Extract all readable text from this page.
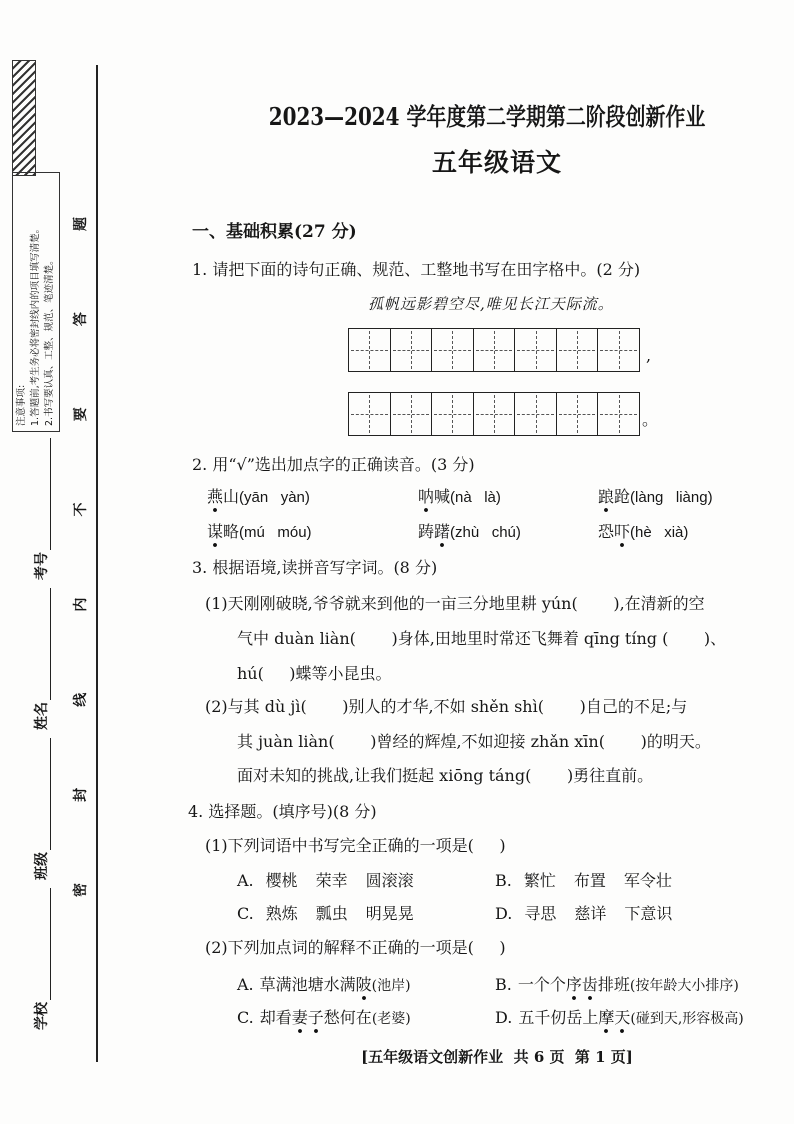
注意事项: 1.答题前,考生务必将密封线内的项目填写清楚。 2.书写要认真、工整、规范、笔迹清楚。
学校
班级
姓名
考号
密
封
线
内
不
要
答
题
2023—2024 学年度第二学期第二阶段创新作业
五年级语文
一、基础积累(27 分)
1. 请把下面的诗句正确、规范、工整地书写在田字格中。(2 分)
孤帆远影碧空尽,唯见长江天际流。
,
。
2. 用“√”选出加点字的正确读音。(3 分)
燕山(yān   yàn)	呐喊(nà   là)	踉跄(làng   liàng)
谋略(mú   móu)	踌躇(zhù   chú)	恐吓(hè   xià)
3. 根据语境,读拼音写字词。(8 分)
(1)天刚刚破晓,爷爷就来到他的一亩三分地里耕 yún(       ),在清新的空
气中 duàn liàn(       )身体,田地里时常还飞舞着 qīng tíng (       )、
hú(     )蝶等小昆虫。
(2)与其 dù jì(       )别人的才华,不如 shěn shì(       )自己的不足;与
其 juàn liàn(       )曾经的辉煌,不如迎接 zhǎn xīn(       )的明天。
面对未知的挑战,让我们挺起 xiōng táng(       )勇往直前。
4. 选择题。(填序号)(8 分)
(1)下列词语中书写完全正确的一项是(     )
A. 樱桃 荣幸 圆滚滚	B. 繁忙 布置 军令壮
C. 熟炼 瓢虫 明晃晃	D. 寻思 慈详 下意识
(2)下列加点词的解释不正确的一项是(     )
A. 草满池塘水满陂(池岸)	B. 一个个序齿排班(按年龄大小排序)
C. 却看妻子愁何在(老婆)	D. 五千仞岳上摩天(碰到天,形容极高)
[五年级语文创新作业  共 6 页  第 1 页]
